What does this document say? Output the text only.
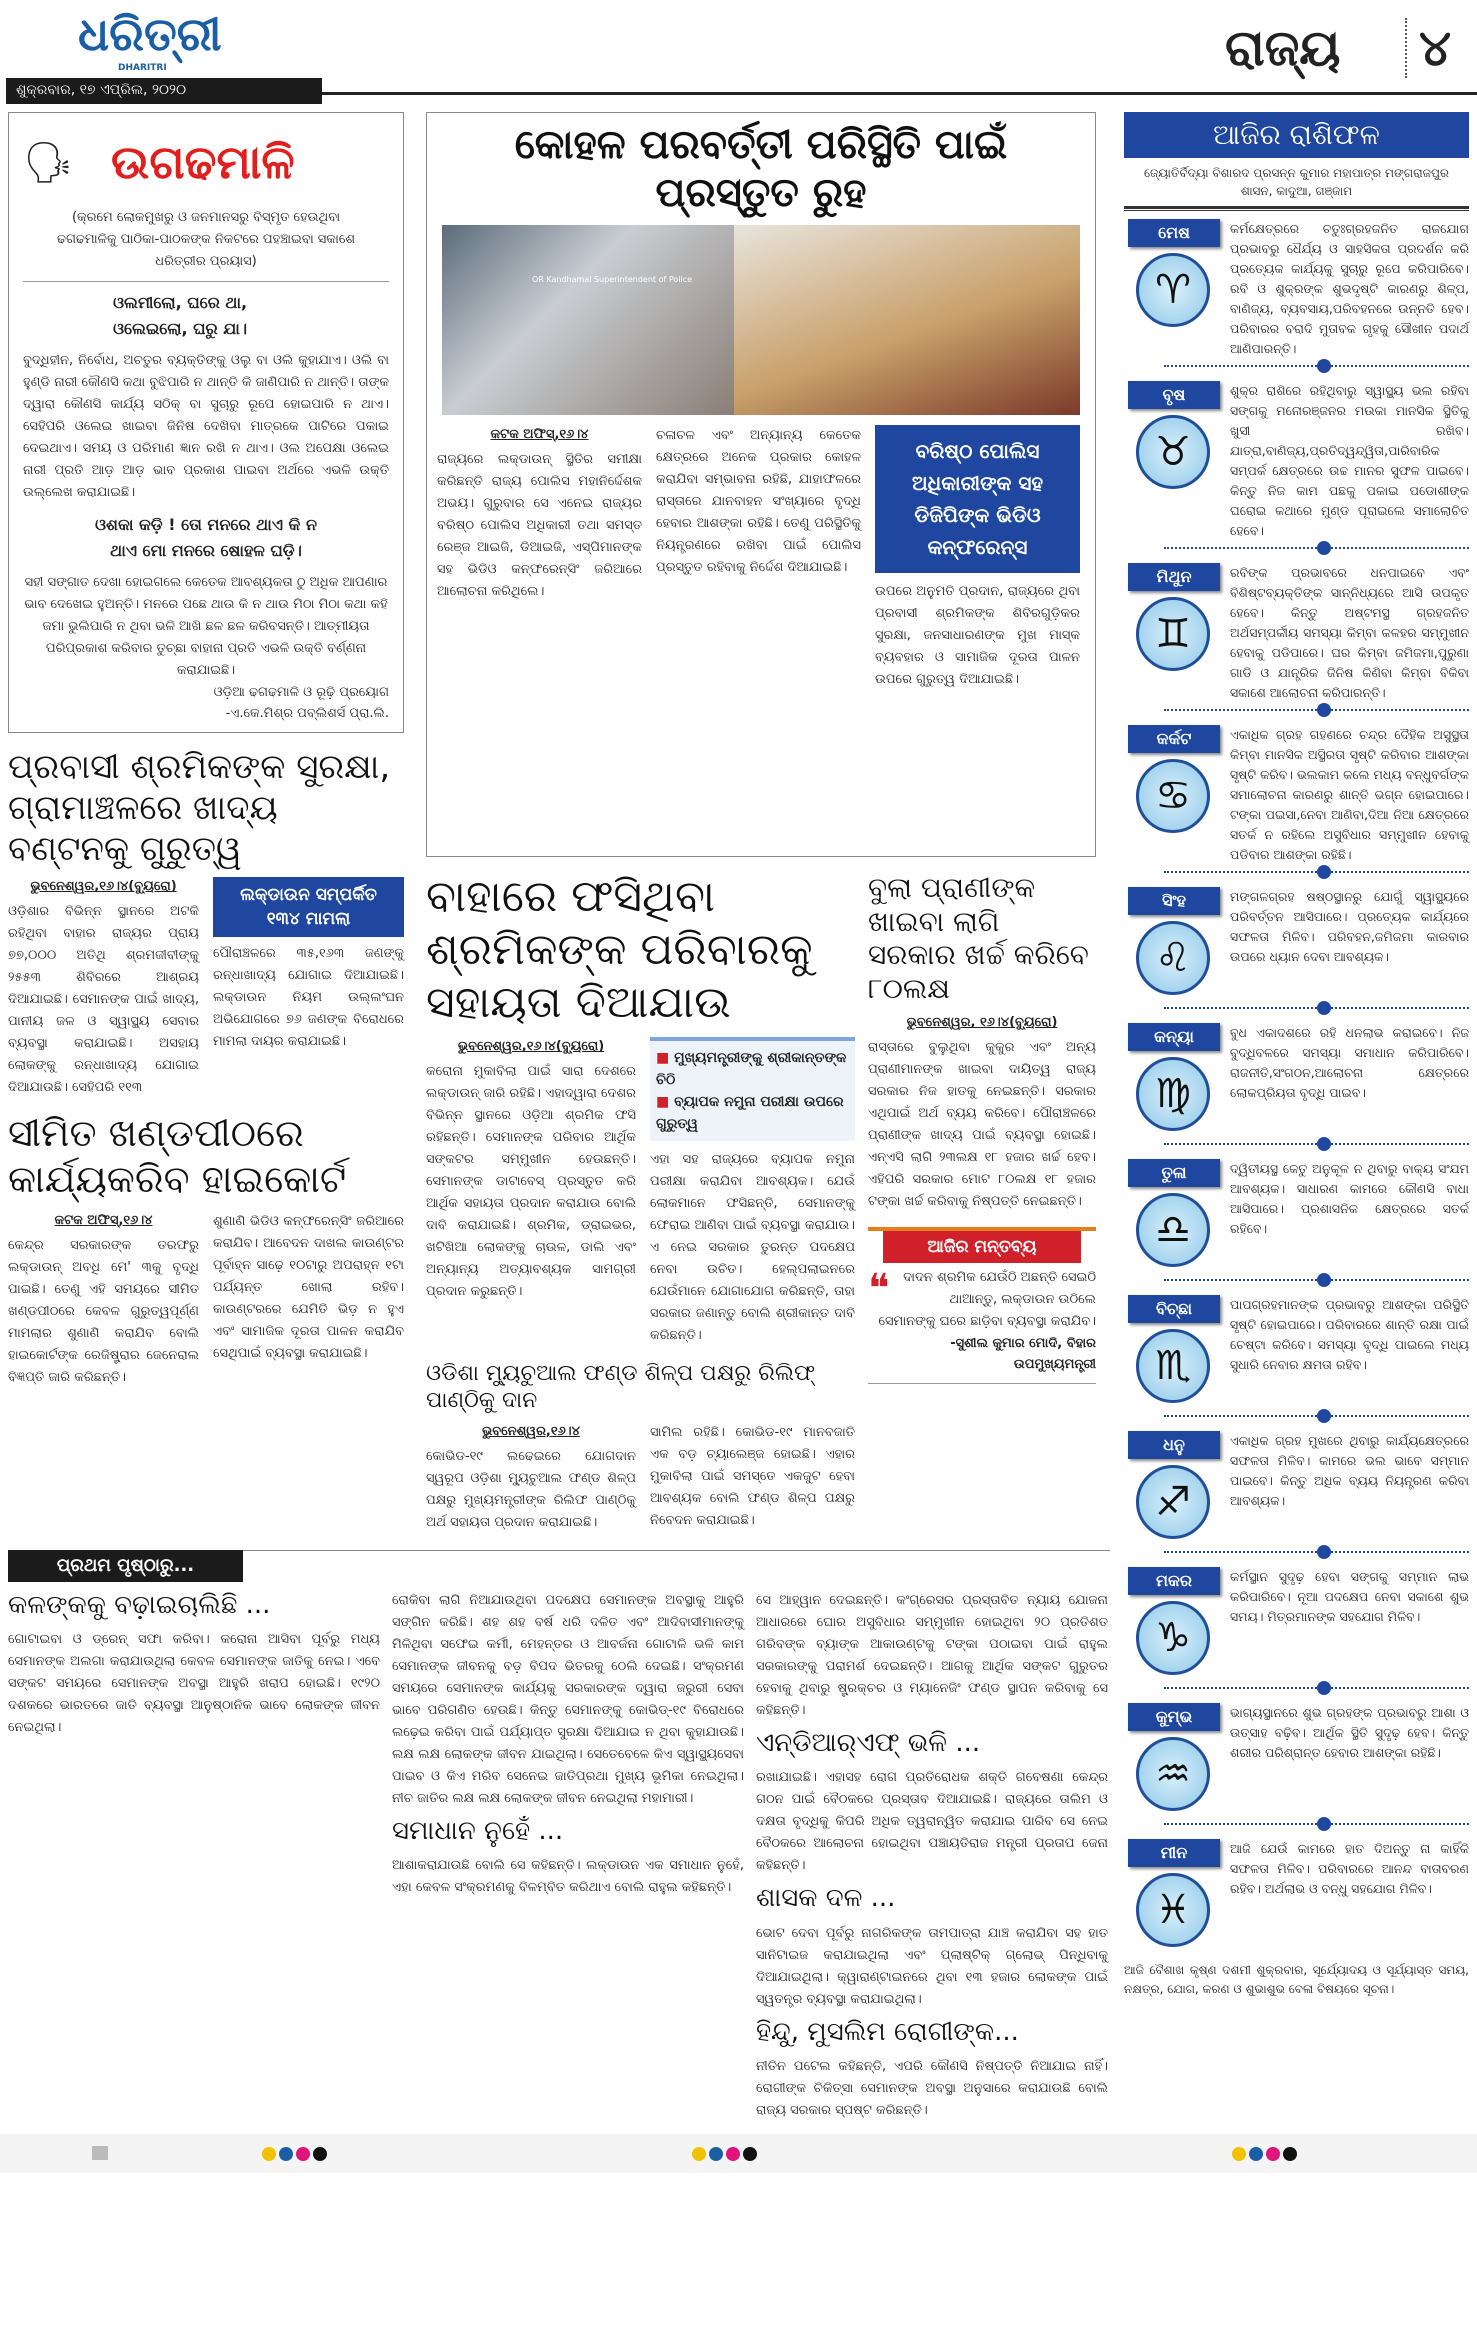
ଧରିତ୍ରୀ
DHARITRI
ଶୁକ୍ରବାର, ୧୭ ଏପ୍ରିଲ, ୨୦୨୦
ରାଜ୍ୟ ୪
🗣 ଉଗଢମାଳି
(କ୍ରମେ ଲୋକମୁଖରୁ ଓ ଜନମାନସରୁ ବିସ୍ମୃତ ହେଉଥିବା ଢଗଢମାଳିକୁ ପାଠିକା-ପାଠକଙ୍କ ନିକଟରେ ପହଞ୍ଚାଇବା ସକାଶେ ଧରିତ୍ରୀର ପ୍ରୟାସ)
ଓଲମୀଲୋ, ଘରେ ଥା, ଓଲେଇଲୋ, ଘରୁ ଯା।
ବୁଦ୍ଧିହୀନ, ନିର୍ବୋଧ, ଅଚତୁର ବ୍ୟକ୍ତିଙ୍କୁ ଓଲୁ ବା ଓଲି କୁହାଯାଏ। ଓଲି ବା ହୁଣ୍ଡି ନାରୀ କୌଣସି କଥା ବୁଝିପାରି ନ ଥାନ୍ତି କି ଜାଣିପାରି ନ ଥାନ୍ତି। ତାଙ୍କ ଦ୍ୱାରା କୌଣସି କାର୍ଯ୍ୟ ସଠିକ୍ ବା ସୁଚାରୁ ରୂପେ ହୋଇପାରି ନ ଥାଏ। ସେହିପରି ଓଲେଇ ଖାଇବା ଜିନିଷ ଦେଖିବା ମାତ୍ରକେ ପାଟିରେ ପକାଇ ଦେଇଥାଏ। ସମୟ ଓ ପରିମାଣ ଜ୍ଞାନ ରଖି ନ ଥାଏ। ଓଲ ଅପେକ୍ଷା ଓଲେଇ ନାରୀ ପ୍ରତି ଆଡ଼ ଆଡ଼ ଭାବ ପ୍ରକାଶ ପାଇବା ଅର୍ଥରେ ଏଭଳି ଉକ୍ତି ଉଲ୍ଲେଖ କରାଯାଇଛି।
ଓଶକା କଡ଼ି ! ତୋ ମନରେ ଥାଏ କି ନ ଥାଏ ମୋ ମନରେ ଷୋହଳ ଘଡ଼ି।
ସହୀ ସଙ୍ଗାତ ଦେଖା ହୋଇଗଲେ କେତେକ ଆବଶ୍ୟକତା ଠୁ ଅଧିକ ଆପଣାର ଭାବ ଦେଖେଇ ହୁଅନ୍ତି। ମନରେ ପଛେ ଥାଉ କି ନ ଥାଉ ମିଠା ମିଠା କଥା କହି ଜମା ଭୁଲିପାରି ନ ଥିବା ଭଳି ଆଖି ଛଳ ଛଳ କରିବସନ୍ତି। ଆତ୍ମୀୟତା ପରିପ୍ରକାଶ କରିବାର ତୁଚ୍ଛା ବାହାନା ପ୍ରତି ଏଭଳି ଉକ୍ତି ବର୍ଣ୍ଣନା କରାଯାଇଛି।
ଓଡ଼ିଆ ଢଗଢମାଳି ଓ ରୂଢ଼ି ପ୍ରୟୋଗ -ଏ.କେ.ମିଶ୍ର ପବ୍ଲିଶର୍ସ ପ୍ରା.ଲି.
ପ୍ରବାସୀ ଶ୍ରମିକଙ୍କ ସୁରକ୍ଷା, ଗ୍ରାମାଞ୍ଚଳରେ ଖାଦ୍ୟ ବଣ୍ଟନକୁ ଗୁରୁତ୍ୱ
ଭୁବନେଶ୍ୱର,୧୬।୪(ବ୍ୟୁରୋ)
ଓଡ଼ିଶାର ବିଭିନ୍ନ ସ୍ଥାନରେ ଅଟକି ରହିଥିବା ବାହାର ରାଜ୍ୟର ପ୍ରାୟ ୭୭,୦୦୦ ଅତିଥି ଶ୍ରମଜୀବୀଙ୍କୁ ୨୫୫୩ ଶିବିରରେ ଆଶ୍ରୟ ଦିଆଯାଇଛି। ସେମାନଙ୍କ ପାଇଁ ଖାଦ୍ୟ, ପାନୀୟ ଜଳ ଓ ସ୍ୱାସ୍ଥ୍ୟ ସେବାର ବ୍ୟବସ୍ଥା କରାଯାଇଛି। ଅସହାୟ ଲୋକଙ୍କୁ ରନ୍ଧାଖାଦ୍ୟ ଯୋଗାଇ ଦିଆଯାଉଛି। ସେହିପରି ୧୧୩
ଲକ୍‌ଡାଉନ ସମ୍ପର୍କିତ ୧୩୪ ମାମଲା
ପୌରାଞ୍ଚଳରେ ୩୫,୧୬୩ ଜଣଙ୍କୁ ରନ୍ଧାଖାଦ୍ୟ ଯୋଗାଇ ଦିଆଯାଇଛି। ଲକ୍‌ଡାଉନ ନିୟମ ଉଲ୍ଲଂଘନ ଅଭିଯୋଗରେ ୭୬ ଜଣଙ୍କ ବିରୋଧରେ ମାମଲା ଦାୟର କରାଯାଇଛି।
ସୀମିତ ଖଣ୍ଡପୀଠରେ କାର୍ଯ୍ୟକରିବ ହାଇକୋର୍ଟ
କଟକ ଅଫିସ୍,୧୬।୪
କେନ୍ଦ୍ର ସରକାରଙ୍କ ତରଫରୁ ଲକ୍‌ଡାଉନ୍ ଅବଧି ମେ' ୩କୁ ବୃଦ୍ଧି ପାଇଛି। ତେଣୁ ଏହି ସମୟରେ ସୀମିତ ଖଣ୍ଡପୀଠରେ କେବଳ ଗୁରୁତ୍ୱପୂର୍ଣ୍ଣ ମାମଲାର ଶୁଣାଣି କରାଯିବ ବୋଲି ହାଇକୋର୍ଟଙ୍କ ରେଜିଷ୍ଟ୍ରାର ଜେନେରାଲ ବିଜ୍ଞପ୍ତି ଜାରି କରିଛନ୍ତି।
ଶୁଣାଣି ଭିଡିଓ କନ୍‌ଫରେନ୍ସିଂ ଜରିଆରେ କରାଯିବ। ଆବେଦନ ଦାଖଲ କାଉଣ୍ଟର ପୂର୍ବାହ୍ନ ସାଢ଼େ ୧୦ଟାରୁ ଅପରାହ୍ନ ୧ଟା ପର୍ଯ୍ୟନ୍ତ ଖୋଲା ରହିବ। କାଉଣ୍ଟରରେ ଯେମିତି ଭିଡ଼ ନ ହୁଏ ଏବଂ ସାମାଜିକ ଦୂରତା ପାଳନ କରାଯିବ ସେଥିପାଇଁ ବ୍ୟବସ୍ଥା କରାଯାଇଛି।
କୋହଳ ପରବର୍ତ୍ତୀ ପରିସ୍ଥିତି ପାଇଁ ପ୍ରସ୍ତୁତ ରୁହ
OR Kandhamal Superintendent of Police
କଟକ ଅଫିସ୍,୧୬।୪
ରାଜ୍ୟରେ ଲକ୍‌ଡାଉନ୍ ସ୍ଥିତିର ସମୀକ୍ଷା କରିଛନ୍ତି ରାଜ୍ୟ ପୋଲିସ ମହାନିର୍ଦ୍ଦେଶକ ଅଭୟ। ଗୁରୁବାର ସେ ଏନେଇ ରାଜ୍ୟର ବରିଷ୍ଠ ପୋଲିସ ଅଧିକାରୀ ତଥା ସମସ୍ତ ରେଞ୍ଜ ଆଇଜି, ଡିଆଇଜି, ଏସ୍‌ପିମାନଙ୍କ ସହ ଭିଡିଓ କନ୍‌ଫରେନ୍ସିଂ ଜରିଆରେ ଆଲୋଚନା କରିଥିଲେ।
ଚଳାଚଳ ଏବଂ ଅନ୍ୟାନ୍ୟ କେତେକ କ୍ଷେତ୍ରରେ ଅନେକ ପ୍ରକାର କୋହଳ କରାଯିବା ସମ୍ଭାବନା ରହିଛି, ଯାହାଫଳରେ ରାସ୍ତାରେ ଯାନବାହନ ସଂଖ୍ୟାରେ ବୃଦ୍ଧି ହେବାର ଆଶଙ୍କା ରହିଛି। ତେଣୁ ପରିସ୍ଥିତିକୁ ନିୟନ୍ତ୍ରଣରେ ରଖିବା ପାଇଁ ପୋଲିସ ପ୍ରସ୍ତୁତ ରହିବାକୁ ନିର୍ଦ୍ଦେଶ ଦିଆଯାଇଛି।
ବରିଷ୍ଠ ପୋଲିସ ଅଧିକାରୀଙ୍କ ସହ ଡିଜିପିଙ୍କ ଭିଡିଓ କନ୍‌ଫରେନ୍ସ
ଉପରେ ଅନୁମତି ପ୍ରଦାନ, ରାଜ୍ୟରେ ଥିବା ପ୍ରବାସୀ ଶ୍ରମିକଙ୍କ ଶିବିରଗୁଡ଼ିକର ସୁରକ୍ଷା, ଜନସାଧାରଣଙ୍କ ମୁଖ ମାସ୍କ ବ୍ୟବହାର ଓ ସାମାଜିକ ଦୂରତା ପାଳନ ଉପରେ ଗୁରୁତ୍ୱ ଦିଆଯାଇଛି।
ବାହାରେ ଫସିଥିବା ଶ୍ରମିକଙ୍କ ପରିବାରକୁ ସହାୟତା ଦିଆଯାଉ
ଭୁବନେଶ୍ୱର,୧୬।୪(ବ୍ୟୁରୋ)
କରୋନା ମୁକାବିଲା ପାଇଁ ସାରା ଦେଶରେ ଲକ୍‌ଡାଉନ୍ ଜାରି ରହିଛି। ଏହାଦ୍ୱାରା ଦେଶର ବିଭିନ୍ନ ସ୍ଥାନରେ ଓଡ଼ିଆ ଶ୍ରମିକ ଫସି ରହିଛନ୍ତି। ସେମାନଙ୍କ ପରିବାର ଆର୍ଥିକ ସଙ୍କଟର ସମ୍ମୁଖୀନ ହେଉଛନ୍ତି। ସେମାନଙ୍କ ଡାଟାବେସ୍ ପ୍ରସ୍ତୁତ କରି ଆର୍ଥିକ ସହାୟତା ପ୍ରଦାନ କରାଯାଉ ବୋଲି ଦାବି କରାଯାଇଛି। ଶ୍ରମିକ, ଡ୍ରାଇଭର, ଖଟିଖିଆ ଲୋକଙ୍କୁ ଚାଉଳ, ଡାଲି ଏବଂ ଅନ୍ୟାନ୍ୟ ଅତ୍ୟାବଶ୍ୟକ ସାମଗ୍ରୀ ପ୍ରଦାନ କରୁଛନ୍ତି।
■ ମୁଖ୍ୟମନ୍ତ୍ରୀଙ୍କୁ ଶ୍ରୀକାନ୍ତଙ୍କ ଚିଠି
■ ବ୍ୟାପକ ନମୁନା ପରୀକ୍ଷା ଉପରେ ଗୁରୁତ୍ୱ
ଏହା ସହ ରାଜ୍ୟରେ ବ୍ୟାପକ ନମୁନା ପରୀକ୍ଷା କରାଯିବା ଆବଶ୍ୟକ। ଯେଉଁ ଲୋକମାନେ ଫସିଛନ୍ତି, ସେମାନଙ୍କୁ ଫେରାଇ ଆଣିବା ପାଇଁ ବ୍ୟବସ୍ଥା କରାଯାଉ। ଏ ନେଇ ସରକାର ତୁରନ୍ତ ପଦକ୍ଷେପ ନେବା ଉଚିତ। ହେଲ୍ପଲାଇନରେ ଯେଉଁମାନେ ଯୋଗାଯୋଗ କରିଛନ୍ତି, ତାହା ସରକାର ଜଣାନ୍ତୁ ବୋଲି ଶ୍ରୀକାନ୍ତ ଦାବି କରିଛନ୍ତି।
ଓଡିଶା ମ୍ୟୁଚୁଆଲ ଫଣ୍ଡ ଶିଳ୍ପ ପକ୍ଷରୁ ରିଲିଫ୍ ପାଣ୍ଠିକୁ ଦାନ
ଭୁବନେଶ୍ୱର,୧୬।୪
କୋଭିଡ-୧୯ ଲଢେଇରେ ଯୋଗଦାନ ସ୍ୱରୂପ ଓଡ଼ିଶା ମ୍ୟୁଚୁଆଲ ଫଣ୍ଡ ଶିଳ୍ପ ପକ୍ଷରୁ ମୁଖ୍ୟମନ୍ତ୍ରୀଙ୍କ ରିଲିଫ ପାଣ୍ଠିକୁ ଅର୍ଥ ସହାୟତା ପ୍ରଦାନ କରାଯାଇଛି।
ସାମିଲ ରହିଛି। କୋଭିଡ-୧୯ ମାନବଜାତି ଏକ ବଡ଼ ଚ୍ୟାଲେଞ୍ଜ ହୋଇଛି। ଏହାର ମୁକାବିଲା ପାଇଁ ସମସ୍ତେ ଏକଜୁଟ ହେବା ଆବଶ୍ୟକ ବୋଲି ଫଣ୍ଡ ଶିଳ୍ପ ପକ୍ଷରୁ ନିବେଦନ କରାଯାଇଛି।
ବୁଲା ପ୍ରାଣୀଙ୍କ ଖାଇବା ଲାଗି ସରକାର ଖର୍ଚ୍ଚ କରିବେ ୮୦ଲକ୍ଷ
ଭୁବନେଶ୍ୱର, ୧୬।୪(ବ୍ୟୁରୋ)
ରାସ୍ତାରେ ବୁଲୁଥିବା କୁକୁର ଏବଂ ଅନ୍ୟ ପ୍ରାଣୀମାନଙ୍କ ଖାଇବା ଦାୟିତ୍ୱ ରାଜ୍ୟ ସରକାର ନିଜ ହାତକୁ ନେଇଛନ୍ତି। ସରକାର ଏଥିପାଇଁ ଅର୍ଥ ବ୍ୟୟ କରିବେ। ପୌରାଞ୍ଚଳରେ ପ୍ରାଣୀଙ୍କ ଖାଦ୍ୟ ପାଇଁ ବ୍ୟବସ୍ଥା ହୋଇଛି। ଏନ୍‌ଏସି ଲାଗି ୨୩ଲକ୍ଷ ୧୮ ହଜାର ଖର୍ଚ୍ଚ ହେବ। ଏହିପରି ସରକାର ମୋଟ ୮୦ଲକ୍ଷ ୧୮ ହଜାର ଟଙ୍କା ଖର୍ଚ୍ଚ କରିବାକୁ ନିଷ୍ପତ୍ତି ନେଇଛନ୍ତି।
ଆଜିର ମନ୍ତବ୍ୟ
❝	ଦାଦନ ଶ୍ରମିକ ଯେଉଁଠି ଅଛନ୍ତି ସେଇଠି ଥାଆନ୍ତୁ, ଲକ୍‌ଡାଉନ ଉଠିଲେ ସେମାନଙ୍କୁ ଘରେ ଛାଡ଼ିବା ବ୍ୟବସ୍ଥା କରାଯିବ।
-ସୁଶୀଲ କୁମାର ମୋଦି, ବିହାର ଉପମୁଖ୍ୟମନ୍ତ୍ରୀ
ପ୍ରଥମ ପୃଷ୍ଠାରୁ...
କଳଙ୍କକୁ ବଢ଼ାଇଚାଲିଛି ...
ଗୋଟାଇବା ଓ ଡ୍ରେନ୍ ସଫା କରିବା। କରୋନା ଆସିବା ପୂର୍ବରୁ ମଧ୍ୟ ସେମାନଙ୍କ ଅଲଗା କରାଯାଉଥିଲା କେବଳ ସେମାନଙ୍କ ଜାତିକୁ ନେଇ। ଏବେ ସଙ୍କଟ ସମୟରେ ସେମାନଙ୍କ ଅବସ୍ଥା ଆହୁରି ଖରାପ ହୋଇଛି। ୧୯୨୦ ଦଶକରେ ଭାରତରେ ଜାତି ବ୍ୟବସ୍ଥା ଆନୁଷ୍ଠାନିକ ଭାବେ ଲୋକଙ୍କ ଜୀବନ ନେଇଥିଲା।
ରୋକିବା ଲାଗି ନିଆଯାଉଥିବା ପଦକ୍ଷେପ ସେମାନଙ୍କ ଅବସ୍ଥାକୁ ଆହୁରି ସଙ୍ଗିନ କରିଛି। ଶହ ଶହ ବର୍ଷ ଧରି ଦଳିତ ଏବଂ ଆଦିବାସୀମାନଙ୍କୁ ମିଳିଥିବା ସଫେଇ କର୍ମୀ, ମେହନ୍ତର ଓ ଆବର୍ଜନା ଗୋଟାଳି ଭଳି କାମ ସେମାନଙ୍କ ଜୀବନକୁ ବଡ଼ ବିପଦ ଭିତରକୁ ଠେଲି ଦେଇଛି। ସଂକ୍ରମଣ ସମୟରେ ସେମାନଙ୍କ କାର୍ଯ୍ୟକୁ ସରକାରଙ୍କ ଦ୍ୱାରା ଜରୁରୀ ସେବା ଭାବେ ପରିଗଣିତ ହେଉଛି। କିନ୍ତୁ ସେମାନଙ୍କୁ କୋଭିଡ୍-୧୯ ବିରୋଧରେ ଲଢ଼େଇ କରିବା ପାଇଁ ପର୍ଯ୍ୟାପ୍ତ ସୁରକ୍ଷା ଦିଆଯାଇ ନ ଥିବା କୁହାଯାଉଛି। ଲକ୍ଷ ଲକ୍ଷ ଲୋକଙ୍କ ଜୀବନ ଯାଇଥିଲା। ସେତେବେଳେ କିଏ ସ୍ୱାସ୍ଥ୍ୟସେବା ପାଇବ ଓ କିଏ ମରିବ ସେନେଇ ଜାତିପ୍ରଥା ମୁଖ୍ୟ ଭୂମିକା ନେଇଥିଲା। ନୀଚ ଜାତିର ଲକ୍ଷ ଲକ୍ଷ ଲୋକଙ୍କ ଜୀବନ ନେଇଥିଲା ମହାମାରୀ।
ସମାଧାନ ନୁହେଁ ...
ଆଶାକରାଯାଉଛି ବୋଲି ସେ କହିଛନ୍ତି। ଲକ୍‌ଡାଉନ ଏକ ସମାଧାନ ନୁହେଁ, ଏହା କେବଳ ସଂକ୍ରମଣକୁ ବିଳମ୍ବିତ କରିଥାଏ ବୋଲି ରାହୁଲ କହିଛନ୍ତି।
ସେ ଆହ୍ୱାନ ଦେଇଛନ୍ତି। କଂଗ୍ରେସର ପ୍ରସ୍ତାବିତ ନ୍ୟାୟ ଯୋଜନା ଆଧାରରେ ଘୋର ଅସୁବିଧାର ସମ୍ମୁଖୀନ ହୋଇଥିବା ୨୦ ପ୍ରତିଶତ ଗରିବଙ୍କ ବ୍ୟାଙ୍କ ଆକାଉଣ୍ଟକୁ ଟଙ୍କା ପଠାଇବା ପାଇଁ ରାହୁଲ ସରକାରଙ୍କୁ ପରାମର୍ଶ ଦେଇଛନ୍ତି। ଆଗକୁ ଆର୍ଥିକ ସଙ୍କଟ ଗୁରୁତର ହେବାକୁ ଥିବାରୁ ଷ୍ଟ୍ରକ୍ଚର ଓ ମ୍ୟାନେଜିଂ ଫଣ୍ଡ ସ୍ଥାପନ କରିବାକୁ ସେ କହିଛନ୍ତି।
ଏନ୍‌ଡିଆର୍‌ଏଫ୍ ଭଳି ...
ରଖାଯାଇଛି। ଏହାସହ ରୋଗ ପ୍ରତିରୋଧକ ଶକ୍ତି ଗବେଷଣା କେନ୍ଦ୍ର ଗଠନ ପାଇଁ ବୈଠକରେ ପ୍ରସ୍ତାବ ଦିଆଯାଇଛି। ରାଜ୍ୟରେ ତାଲିମ ଓ ଦକ୍ଷତା ବୃଦ୍ଧିକୁ କିପରି ଅଧିକ ତ୍ୱରାନ୍ୱିତ କରାଯାଇ ପାରିବ ସେ ନେଇ ବୈଠକରେ ଆଲୋଚନା ହୋଇଥିବା ପଞ୍ଚାୟତିରାଜ ମନ୍ତ୍ରୀ ପ୍ରତାପ ଜେନା କହିଛନ୍ତି।
ଶାସକ ଦଳ ...
ଭୋଟ ଦେବା ପୂର୍ବରୁ ନାଗରିକଙ୍କ ତାମପାତ୍ରା ଯାଞ୍ଚ କରାଯିବା ସହ ହାତ ସାନିଟାଇଜ କରାଯାଇଥିଲା ଏବଂ ପ୍ଲାଷ୍ଟିକ୍ ଗ୍ଲୋଭ୍ ପିନ୍ଧିବାକୁ ଦିଆଯାଇଥିଲା। କ୍ୱାରାଣ୍ଟାଇନରେ ଥିବା ୧୩ ହଜାର ଲୋକଙ୍କ ପାଇଁ ସ୍ୱତନ୍ତ୍ର ବ୍ୟବସ୍ଥା କରାଯାଇଥିଲା।
ହିନ୍ଦୁ, ମୁସଲିମ ରୋଗୀଙ୍କ...
ନୀତିନ ପଟେଲ କହିଛନ୍ତି, ଏପରି କୌଣସି ନିଷ୍ପତ୍ତି ନିଆଯାଇ ନାହିଁ। ରୋଗୀଙ୍କ ଚିକିତ୍ସା ସେମାନଙ୍କ ଅବସ୍ଥା ଅନୁସାରେ କରାଯାଉଛି ବୋଲି ରାଜ୍ୟ ସରକାର ସ୍ପଷ୍ଟ କରିଛନ୍ତି।
ଆଜିର ରାଶିଫଳ
ଜ୍ୟୋତିର୍ବିଦ୍ୟା ବିଶାରଦ ପ୍ରସନ୍ନ କୁମାର ମହାପାତ୍ର ମଙ୍ଗରାଜପୁର ଶାସନ, କାଦୁଆ, ଗଞ୍ଜାମ
ମେଷ
♈
କର୍ମକ୍ଷେତ୍ରରେ ଚତୁଃଗ୍ରହଜନିତ ରାଜଯୋଗ ପ୍ରଭାବରୁ ଧୈର୍ଯ୍ୟ ଓ ସାହସିକତା ପ୍ରଦର୍ଶନ କରି ପ୍ରତ୍ୟେକ କାର୍ଯ୍ୟକୁ ସୁଚାରୁ ରୂପେ କରିପାରିବେ। ରବି ଓ ଶୁକ୍ରଙ୍କ ଶୁଭଦୃଷ୍ଟି କାରଣରୁ ଶିଳ୍ପ, ବାଣିଜ୍ୟ, ବ୍ୟବସାୟ,ପରିବହନରେ ଉନ୍ନତି ହେବ। ପରିବାରର ବରାଦି ମୁତାବକ ଗୃହକୁ ସୌଖୀନ ପଦାର୍ଥ ଆଣିପାରନ୍ତି।
ବୃଷ
♉
ଶୁକ୍ର ରାଶିରେ ରହିଥିବାରୁ ସ୍ୱାସ୍ଥ୍ୟ ଭଲ ରହିବା ସଙ୍ଗକୁ ମନୋରଞ୍ଜନର ମଉକା ମାନସିକ ସ୍ଥିତିକୁ ଖୁସୀ ରଖିବ। ଯାତ୍ରା,ବାଣିଜ୍ୟ,ପ୍ରତିଦ୍ୱନ୍ଦ୍ୱିତା,ପାରିବାରିକ ସମ୍ପର୍କ କ୍ଷେତ୍ରରେ ଉଚ୍ଚ ମାନର ସୁଫଳ ପାଇବେ। କିନ୍ତୁ ନିଜ କାମ ପଛକୁ ପକାଇ ପଡୋଶୀଙ୍କ ଘରୋଇ କଥାରେ ମୁଣ୍ଡ ପୂରାଇଲେ ସମାଲୋଚିତ ହେବେ।
ମିଥୁନ
♊
ରବିଙ୍କ ପ୍ରଭାବରେ ଧନପାଇବେ ଏବଂ ବିଶିଷ୍ଟବ୍ୟକ୍ତିଙ୍କ ସାନ୍ନିଧ୍ୟରେ ଆସି ଉପକୃତ ହେବେ। କିନ୍ତୁ ଅଷ୍ଟମସ୍ଥ ଗ୍ରହଜନିତ ଅର୍ଥସମ୍ପର୍କୀୟ ସମସ୍ୟା କିମ୍ବା କଳହର ସମ୍ମୁଖୀନ ହେବାକୁ ପଡିପାରେ। ଘର କିମ୍ବା ଜମିଜମା,ପୁରୁଣା ଗାଡି ଓ ଯାନ୍ତ୍ରିକ ଜିନିଷ କିଣିବା କିମ୍ବା ବିକିବା ସକାଶେ ଆଲୋଚନା କରିପାରନ୍ତି।
କର୍କଟ
♋
ଏକାଧିକ ଗ୍ରହ ଗହଣରେ ଚନ୍ଦ୍ର ଦୈହିକ ଅସୁସ୍ଥତା କିମ୍ବା ମାନସିକ ଅସ୍ଥିରତା ସୃଷ୍ଟି କରିବାର ଆଶଙ୍କା ସୃଷ୍ଟି କରିବ। ଭଲକାମ କଲେ ମଧ୍ୟ ବନ୍ଧୁବର୍ଗଙ୍କ ସମାଲୋଚନା କାରଣରୁ ଶାନ୍ତି ଭଗ୍ନ ହୋଇପାରେ। ଟଙ୍କା ପଇସା,ନେବା ଆଣିବା,ଦିଆ ନିଆ କ୍ଷେତ୍ରରେ ସତର୍କ ନ ରହିଲେ ଅସୁବିଧାର ସମ୍ମୁଖୀନ ହେବାକୁ ପଡିବାର ଆଶଙ୍କା ରହିଛି।
ସିଂହ
♌
ମଙ୍ଗଳଗ୍ରହ ଷଷ୍ଠସ୍ଥାନରୁ ଯୋଗୁଁ ସ୍ୱାସ୍ଥ୍ୟରେ ପରିବର୍ତ୍ତନ ଆସିପାରେ। ପ୍ରତ୍ୟେକ କାର୍ଯ୍ୟରେ ସଫଳତା ମିଳିବ। ପରିବହନ,ଜମିଜମା କାରବାର ଉପରେ ଧ୍ୟାନ ଦେବା ଆବଶ୍ୟକ।
କନ୍ୟା
♍
ବୁଧ ଏକାଦଶରେ ରହି ଧନଲାଭ କରାଇବେ। ନିଜ ବୁଦ୍ଧିବଳରେ ସମସ୍ୟା ସମାଧାନ କରିପାରିବେ। ରାଜନୀତି,ସଂଗଠନ,ଆଲୋଚନା କ୍ଷେତ୍ରରେ ଲୋକପ୍ରିୟତା ବୃଦ୍ଧି ପାଇବ।
ତୁଳା
♎
ଦ୍ୱିତୀୟସ୍ଥ କେତୁ ଅନୁକୂଳ ନ ଥିବାରୁ ବାକ୍ୟ ସଂଯମ ଆବଶ୍ୟକ। ସାଧାରଣ କାମରେ କୌଣସି ବାଧା ଆସିପାରେ। ପ୍ରଶାସନିକ କ୍ଷେତ୍ରରେ ସତର୍କ ରହିବେ।
ବିଚ୍ଛା
♏
ପାପଗ୍ରହମାନଙ୍କ ପ୍ରଭାବରୁ ଆଶଙ୍କା ପରିସ୍ଥିତି ସୃଷ୍ଟି ହୋଇପାରେ। ପରିବାରରେ ଶାନ୍ତି ରକ୍ଷା ପାଇଁ ଚେଷ୍ଟା କରିବେ। ସମସ୍ୟା ବୃଦ୍ଧି ପାଇଲେ ମଧ୍ୟ ସୁଧାରି ନେବାର କ୍ଷମତା ରହିବ।
ଧନୁ
♐
ଏକାଧିକ ଗ୍ରହ ମୁଖରେ ଥିବାରୁ କାର୍ଯ୍ୟକ୍ଷେତ୍ରରେ ସଫଳତା ମିଳିବ। କାମରେ ଭଲ ଭାବେ ସମ୍ମାନ ପାଇବେ। କିନ୍ତୁ ଅଧିକ ବ୍ୟୟ ନିୟନ୍ତ୍ରଣ କରିବା ଆବଶ୍ୟକ।
ମକର
♑
କର୍ମସ୍ଥାନ ସୁଦୃଢ଼ ହେବା ସଙ୍ଗକୁ ସମ୍ମାନ ଲାଭ କରିପାରିବେ। ନୂଆ ପଦକ୍ଷେପ ନେବା ସକାଶେ ଶୁଭ ସମୟ। ମିତ୍ରମାନଙ୍କ ସହଯୋଗ ମିଳିବ।
କୁମ୍ଭ
♒
ଭାଗ୍ୟସ୍ଥାନରେ ଶୁଭ ଗ୍ରହଙ୍କ ପ୍ରଭାବରୁ ଆଶା ଓ ଉତ୍ସାହ ବଢ଼ିବ। ଆର୍ଥିକ ସ୍ଥିତି ସୁଦୃଢ଼ ହେବ। କିନ୍ତୁ ଶରୀର ପରିଶ୍ରାନ୍ତ ହେବାର ଆଶଙ୍କା ରହିଛି।
ମୀନ
♓
ଆଜି ଯେଉଁ କାମରେ ହାତ ଦିଅନ୍ତୁ ନା କାହିଁକି ସଫଳତା ମିଳିବ। ପରିବାରରେ ଆନନ୍ଦ ବାତାବରଣ ରହିବ। ଅର୍ଥଲାଭ ଓ ବନ୍ଧୁ ସହଯୋଗ ମିଳିବ।
ଆଜି ବୈଶାଖ କୃଷ୍ଣ ଦଶମୀ ଶୁକ୍ରବାର, ସୂର୍ଯ୍ୟୋଦୟ ଓ ସୂର୍ଯ୍ୟାସ୍ତ ସମୟ, ନକ୍ଷତ୍ର, ଯୋଗ, କରଣ ଓ ଶୁଭାଶୁଭ ବେଳା ବିଷୟରେ ସୂଚନା।
